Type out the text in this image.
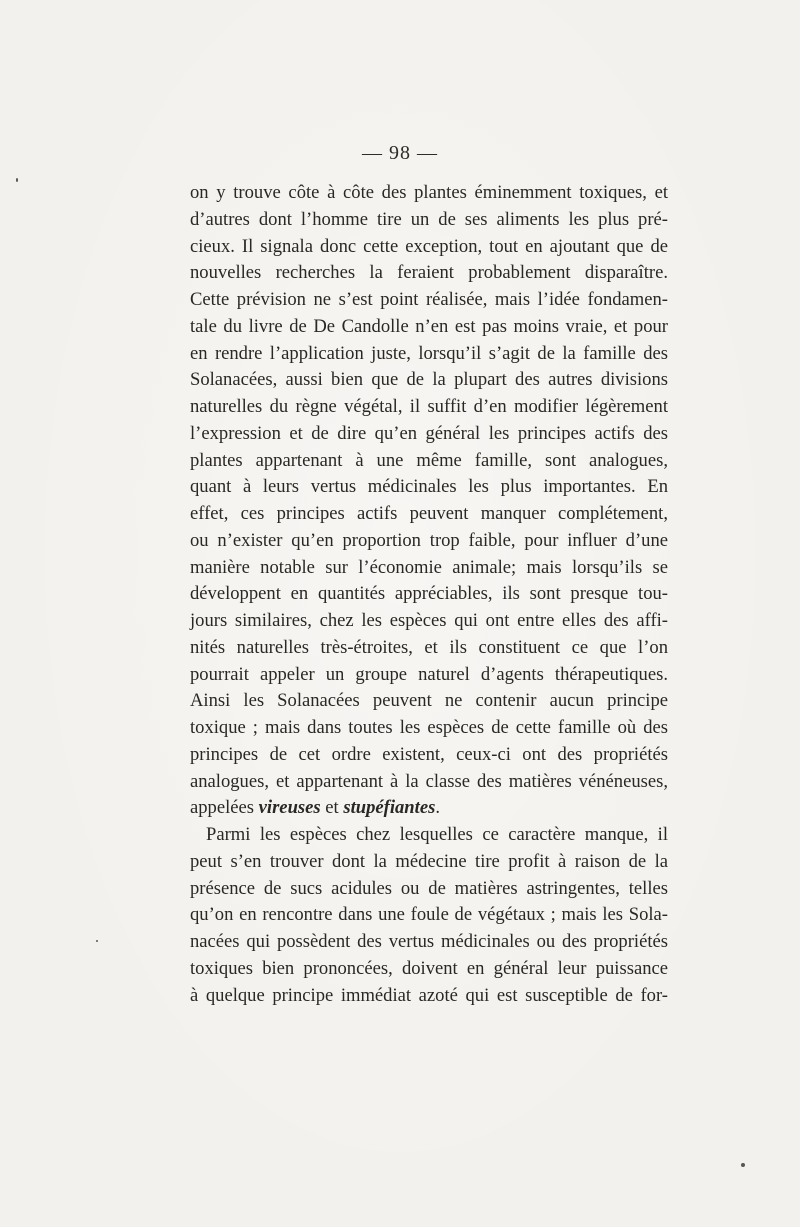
— 98 —
on y trouve côte à côte des plantes éminemment toxiques, et
d’autres dont l’homme tire un de ses aliments les plus pré-
cieux. Il signala donc cette exception, tout en ajoutant que de
nouvelles recherches la feraient probablement disparaître.
Cette prévision ne s’est point réalisée, mais l’idée fondamen-
tale du livre de De Candolle n’en est pas moins vraie, et pour
en rendre l’application juste, lorsqu’il s’agit de la famille des
Solanacées, aussi bien que de la plupart des autres divisions
naturelles du règne végétal, il suffit d’en modifier légèrement
l’expression et de dire qu’en général les principes actifs des
plantes appartenant à une même famille, sont analogues,
quant à leurs vertus médicinales les plus importantes. En
effet, ces principes actifs peuvent manquer complétement,
ou n’exister qu’en proportion trop faible, pour influer d’une
manière notable sur l’économie animale; mais lorsqu’ils se
développent en quantités appréciables, ils sont presque tou-
jours similaires, chez les espèces qui ont entre elles des affi-
nités naturelles très-étroites, et ils constituent ce que l’on
pourrait appeler un groupe naturel d’agents thérapeutiques.
Ainsi les Solanacées peuvent ne contenir aucun principe
toxique ; mais dans toutes les espèces de cette famille où des
principes de cet ordre existent, ceux-ci ont des propriétés
analogues, et appartenant à la classe des matières vénéneuses,
appelées vireuses et stupéfiantes.
Parmi les espèces chez lesquelles ce caractère manque, il
peut s’en trouver dont la médecine tire profit à raison de la
présence de sucs acidules ou de matières astringentes, telles
qu’on en rencontre dans une foule de végétaux ; mais les Sola-
nacées qui possèdent des vertus médicinales ou des propriétés
toxiques bien prononcées, doivent en général leur puissance
à quelque principe immédiat azoté qui est susceptible de for-
